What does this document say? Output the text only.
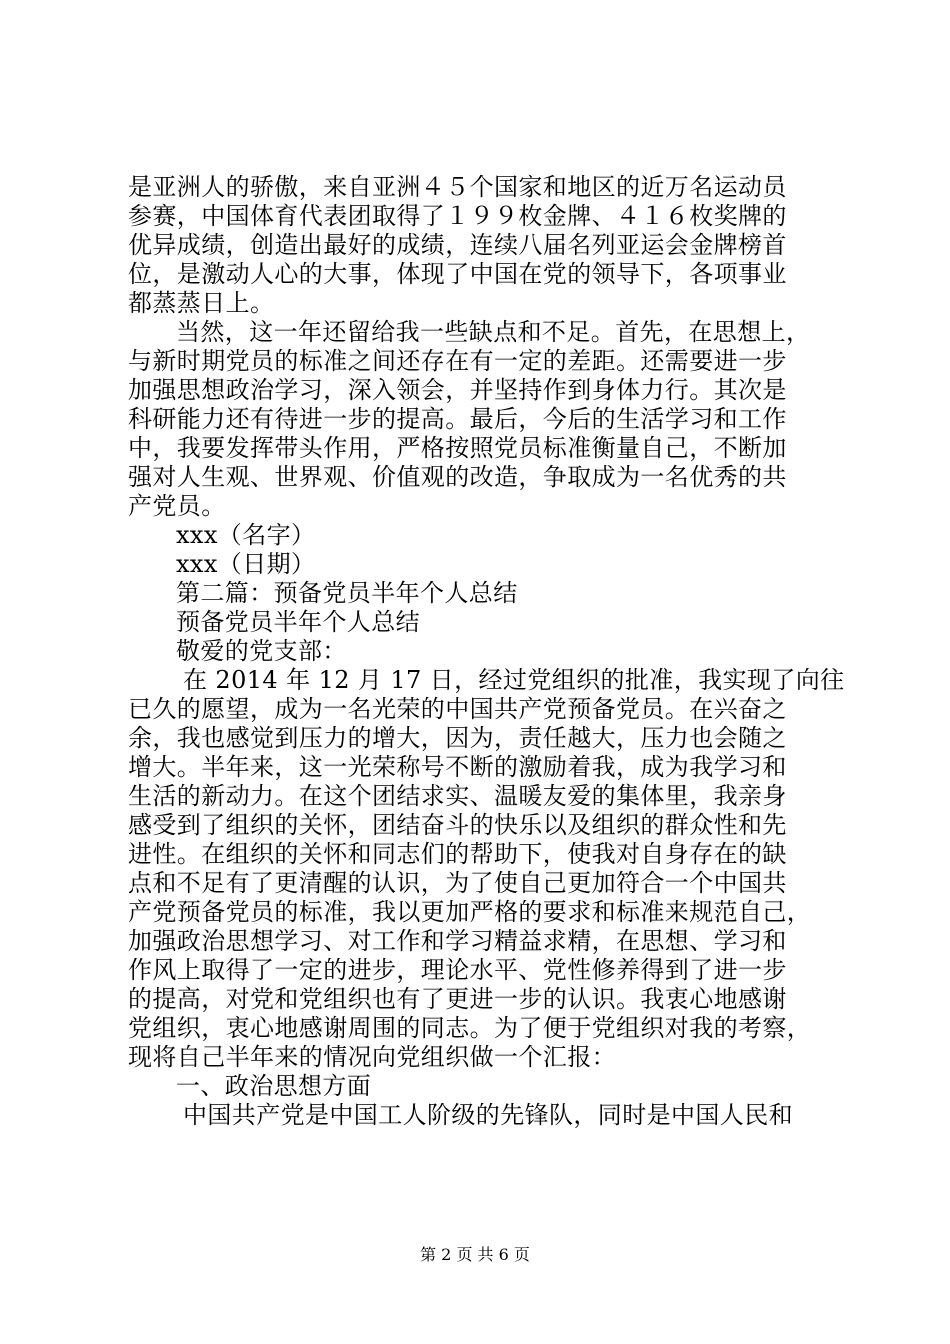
是亚洲人的骄傲，来自亚洲４５个国家和地区的近万名运动员
参赛，中国体育代表团取得了１９９枚金牌、４１６枚奖牌的
优异成绩，创造出最好的成绩，连续八届名列亚运会金牌榜首
位，是激动人心的大事，体现了中国在党的领导下，各项事业
都蒸蒸日上。
当然，这一年还留给我一些缺点和不足。首先，在思想上，
与新时期党员的标准之间还存在有一定的差距。还需要进一步
加强思想政治学习，深入领会，并坚持作到身体力行。其次是
科研能力还有待进一步的提高。最后，今后的生活学习和工作
中，我要发挥带头作用，严格按照党员标准衡量自己，不断加
强对人生观、世界观、价值观的改造，争取成为一名优秀的共
产党员。
xxx（名字）
xxx（日期）
第二篇：预备党员半年个人总结
预备党员半年个人总结
敬爱的党支部：
在 2014 年 12 月 17 日，经过党组织的批准，我实现了向往
已久的愿望，成为一名光荣的中国共产党预备党员。在兴奋之
余，我也感觉到压力的增大，因为，责任越大，压力也会随之
增大。半年来，这一光荣称号不断的激励着我，成为我学习和
生活的新动力。在这个团结求实、温暖友爱的集体里，我亲身
感受到了组织的关怀，团结奋斗的快乐以及组织的群众性和先
进性。在组织的关怀和同志们的帮助下，使我对自身存在的缺
点和不足有了更清醒的认识，为了使自己更加符合一个中国共
产党预备党员的标准，我以更加严格的要求和标准来规范自己，
加强政治思想学习、对工作和学习精益求精，在思想、学习和
作风上取得了一定的进步，理论水平、党性修养得到了进一步
的提高，对党和党组织也有了更进一步的认识。我衷心地感谢
党组织，衷心地感谢周围的同志。为了便于党组织对我的考察，
现将自己半年来的情况向党组织做一个汇报：
一、政治思想方面
中国共产党是中国工人阶级的先锋队，同时是中国人民和
第 2 页 共 6 页
